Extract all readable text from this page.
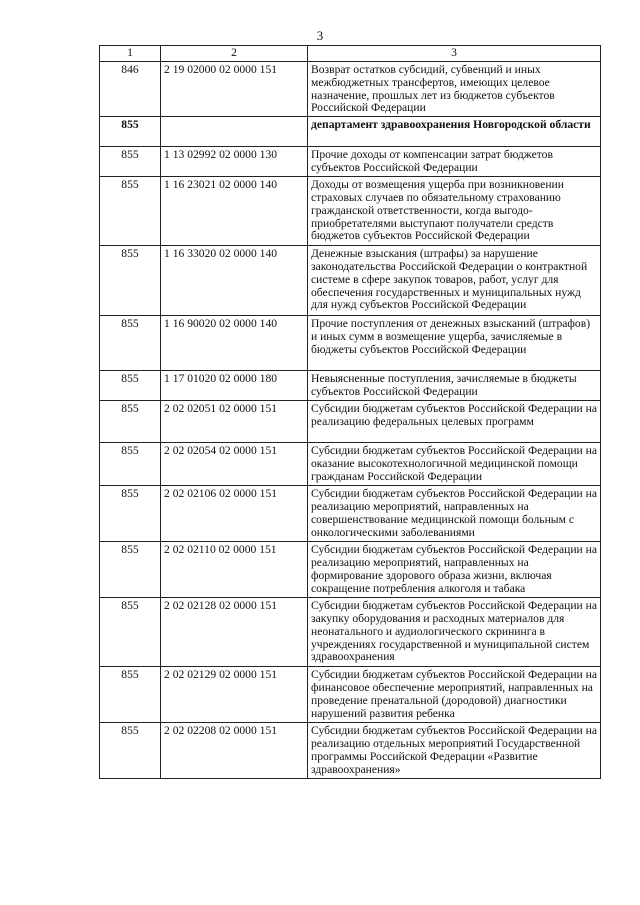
3
1	2	3
846	2 19 02000 02 0000 151	Возврат остатков субсидий, субвенций и иных межбюджетных трансфертов, имеющих целевое назначение, прошлых лет из бюджетов субъектов Российской Федерации
855		департамент здравоохранения Новгородской области
855	1 13 02992 02 0000 130	Прочие доходы от компенсации затрат бюджетов субъектов Российской Федерации
855	1 16 23021 02 0000 140	Доходы от возмещения ущерба при возникновении страховых случаев по обязательному страхованию гражданской ответственности, когда выгодо-приобретателями выступают получатели средств бюджетов субъектов Российской Федерации
855	1 16 33020 02 0000 140	Денежные взыскания (штрафы) за нарушение законодательства Российской Федерации о контрактной системе в сфере закупок товаров, работ, услуг для обеспечения государственных и муниципальных нужд для нужд субъектов Российской Федерации
855	1 16 90020 02 0000 140	Прочие поступления от денежных взысканий (штрафов) и иных сумм в возмещение ущерба, зачисляемые в бюджеты субъектов Российской Федерации
855	1 17 01020 02 0000 180	Невыясненные поступления, зачисляемые в бюджеты субъектов Российской Федерации
855	2 02 02051 02 0000 151	Субсидии бюджетам субъектов Российской Федерации на реализацию федеральных целевых программ
855	2 02 02054 02 0000 151	Субсидии бюджетам субъектов Российской Федерации на оказание высокотехнологичной медицинской помощи гражданам Российской Федерации
855	2 02 02106 02 0000 151	Субсидии бюджетам субъектов Российской Федерации на реализацию мероприятий, направленных на совершенствование медицинской помощи больным с онкологическими заболеваниями
855	2 02 02110 02 0000 151	Субсидии бюджетам субъектов Российской Федерации на реализацию мероприятий, направленных на формирование здорового образа жизни, включая сокращение потребления алкоголя и табака
855	2 02 02128 02 0000 151	Субсидии бюджетам субъектов Российской Федерации на закупку оборудования и расходных материалов для неонатального и аудиологического скрининга в учреждениях государственной и муниципальной систем здравоохранения
855	2 02 02129 02 0000 151	Субсидии бюджетам субъектов Российской Федерации на финансовое обеспечение мероприятий, направленных на проведение пренатальной (дородовой) диагностики нарушений развития ребенка
855	2 02 02208 02 0000 151	Субсидии бюджетам субъектов Российской Федерации на реализацию отдельных мероприятий Государственной программы Российской Федерации «Развитие здравоохранения»
